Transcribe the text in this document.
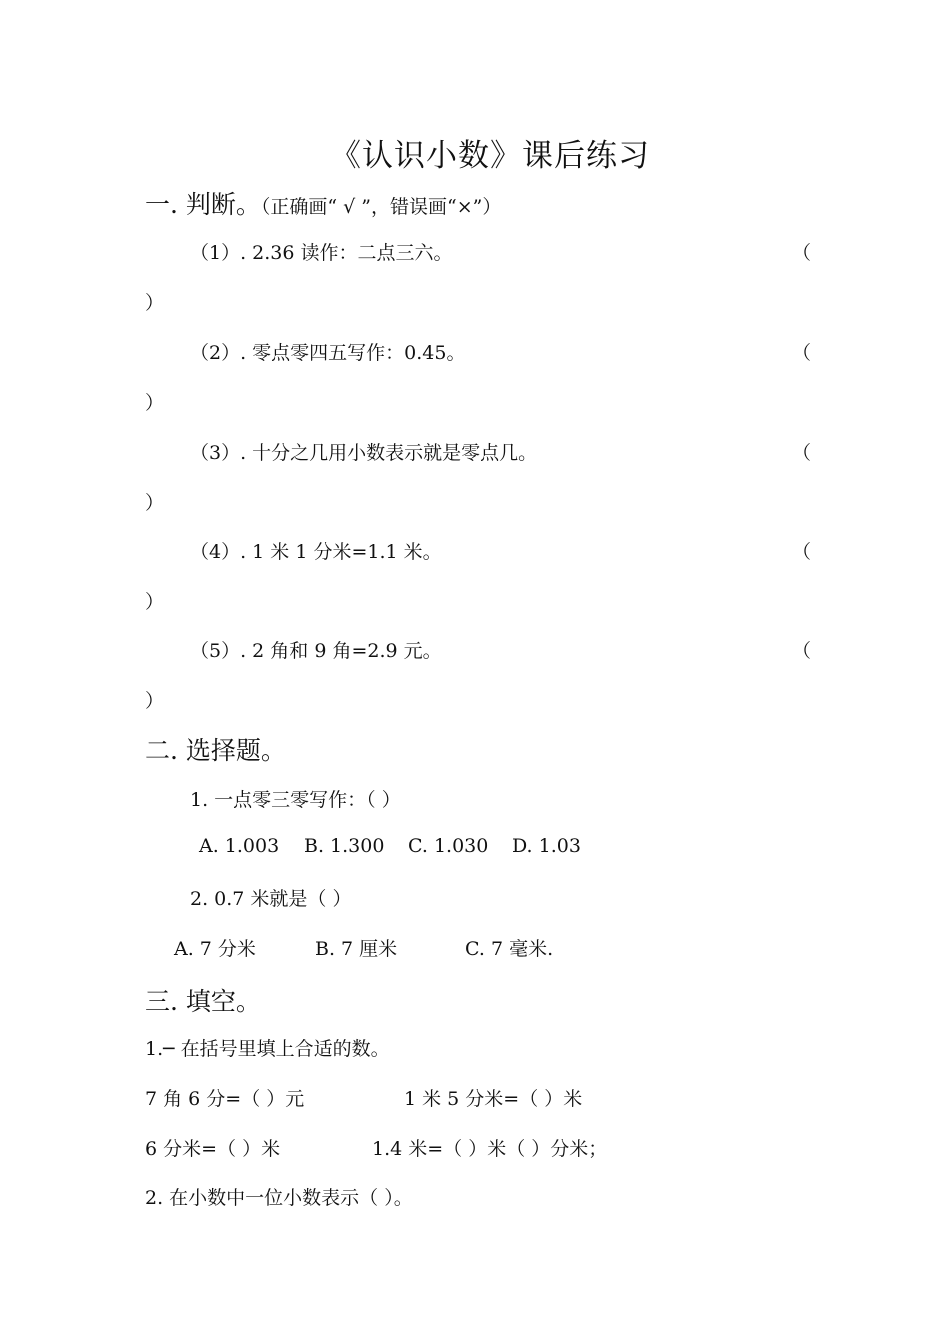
《认识小数》课后练习
一. 判断。（正确画“ √ ”，错误画“×”）
（1）. 2.36 读作：二点三六。	（
）
（2）. 零点零四五写作：0.45。	（
）
（3）. 十分之几用小数表示就是零点几。	（
）
（4）. 1 米 1 分米=1.1 米。	（
）
（5）. 2 角和 9 角=2.9 元。	（
）
二. 选择题。
1. 一点零三零写作：（ ）
A. 1.003 B. 1.300 C. 1.030 D. 1.03
2. 0.7 米就是（ ）
A. 7 分米	B. 7 厘米	C. 7 毫米.
三. 填空。
1.─ 在括号里填上合适的数。
7 角 6 分=（ ）元	1 米 5 分米=（ ）米
6 分米=（ ）米	1.4 米=（ ）米（ ）分米；
2. 在小数中一位小数表示（ ）。
